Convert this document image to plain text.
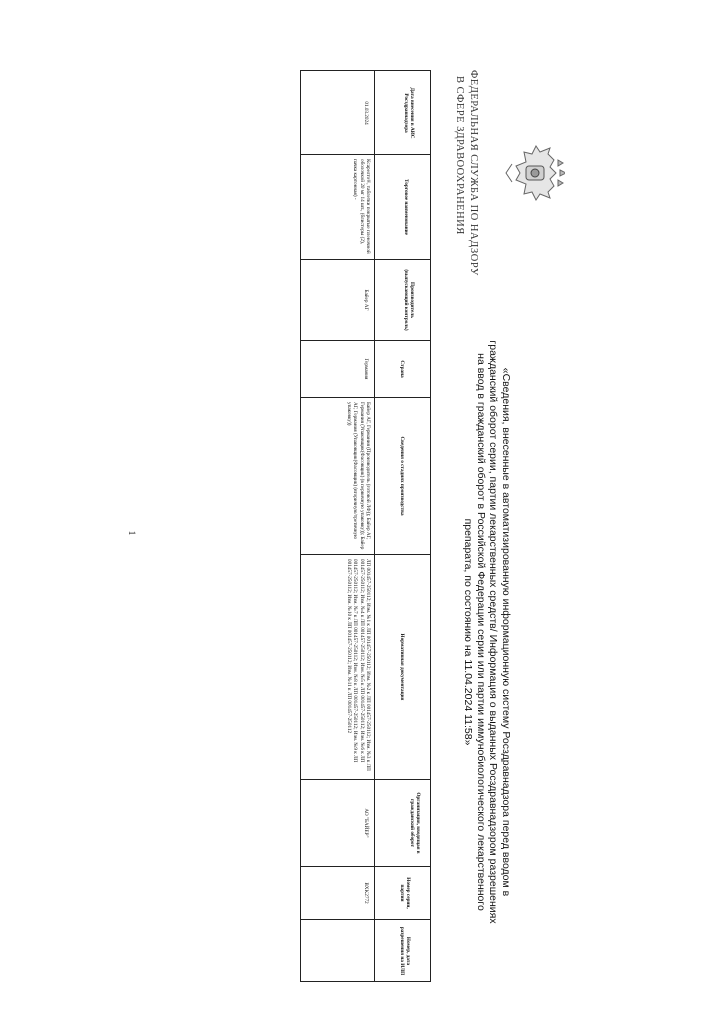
«Сведения, внесенные в автоматизированную информационную систему Росздравнадзора перед вводом в
гражданский оборот серии, партии лекарственных средств/ Информация о выданных Росздравнадзором разрешениях
на ввод в гражданский оборот в Российской Федерации серии или партии иммунобиологического лекарственного
препарата, по состоянию на 11.04.2024 11:58»
ФЕДЕРАЛЬНАЯ СЛУЖБА ПО НАДЗОРУ
В СФЕРЕ ЗДРАВООХРАНЕНИЯ
1
Дата внесения в АИС Росздравнадзора
Торговое наименование
Производитель (выпускающий контроль)
Страна
Сведения о стадиях производства
Нормативная документация
Организация, вводящая в гражданский оборот
Номер серии, партии
Номер, дата разрешения на ИЛП
01.03.2024
Ксарелто®, таблетки покрытые пленочной оболочкой 20 мг 14 шт., (блистеры (2), пачка картонная) -
Байер АГ
Германия
Байер АГ, Германия (Производитель (готовой ЛФ)); Байер АГ, Германия (Упаковщик(Фасовщик) (в первичную упаковку)); Байер АГ, Германия (Упаковщик(Фасовщик) (вторичную/третичную упаковку))
ЛП 001457-250112; Изм. №1 к ЛП 001457-250112; Изм. №2 к ЛП 001457-250112; Изм. №3 к ЛП 001457-250112; Изм. №4 к ЛП 001457-250112; Изм. №5 к ЛП 001457-250112; Изм. №6 к ЛП 001457-250112; Изм. №7 к ЛП 001457-250112; Изм. №8 к ЛП 001457-250112; Изм. №9 к ЛП 001457-250112; Изм. №10 к ЛП 001457-250112; Изм. №11 к ЛП 001457-250112
АО "БАЙЕР"
BXK2772
